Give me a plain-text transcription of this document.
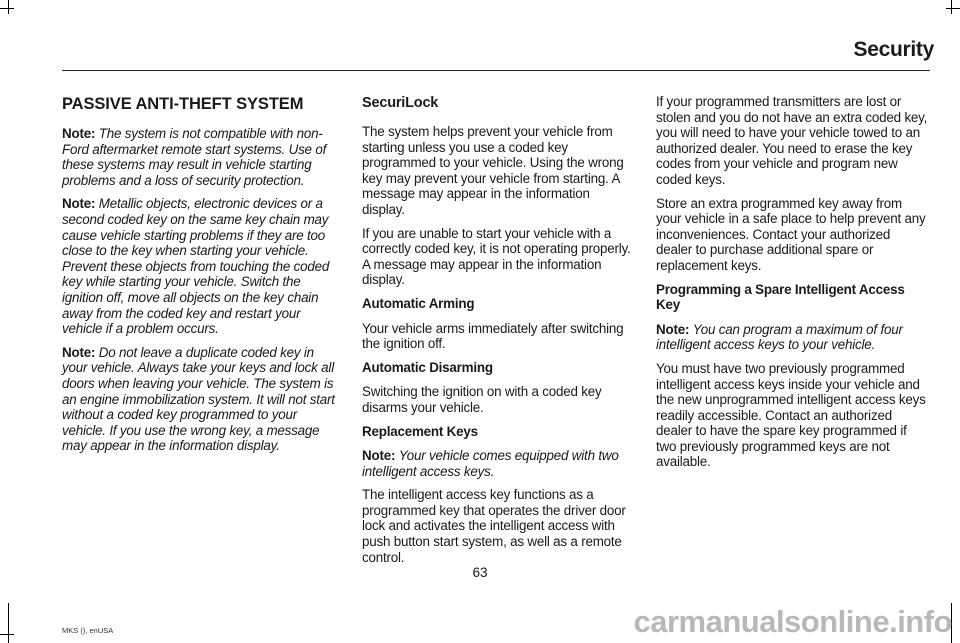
Security
PASSIVE ANTI-THEFT SYSTEM

Note: The system is not compatible with non-Ford aftermarket remote start systems. Use of these systems may result in vehicle starting problems and a loss of security protection.

Note: Metallic objects, electronic devices or a second coded key on the same key chain may cause vehicle starting problems if they are too close to the key when starting your vehicle. Prevent these objects from touching the coded key while starting your vehicle. Switch the ignition off, move all objects on the key chain away from the coded key and restart your vehicle if a problem occurs.

Note: Do not leave a duplicate coded key in your vehicle. Always take your keys and lock all doors when leaving your vehicle. The system is an engine immobilization system. It will not start without a coded key programmed to your vehicle. If you use the wrong key, a message may appear in the information display.

SecuriLock

The system helps prevent your vehicle from starting unless you use a coded key programmed to your vehicle. Using the wrong key may prevent your vehicle from starting. A message may appear in the information display.

If you are unable to start your vehicle with a correctly coded key, it is not operating properly. A message may appear in the information display.

Automatic Arming

Your vehicle arms immediately after switching the ignition off.

Automatic Disarming

Switching the ignition on with a coded key disarms your vehicle.

Replacement Keys

Note: Your vehicle comes equipped with two intelligent access keys.

The intelligent access key functions as a programmed key that operates the driver door lock and activates the intelligent access with push button start system, as well as a remote control.

If your programmed transmitters are lost or stolen and you do not have an extra coded key, you will need to have your vehicle towed to an authorized dealer. You need to erase the key codes from your vehicle and program new coded keys.

Store an extra programmed key away from your vehicle in a safe place to help prevent any inconveniences. Contact your authorized dealer to purchase additional spare or replacement keys.

Programming a Spare Intelligent Access Key

Note: You can program a maximum of four intelligent access keys to your vehicle.

You must have two previously programmed intelligent access keys inside your vehicle and the new unprogrammed intelligent access keys readily accessible. Contact an authorized dealer to have the spare key programmed if two previously programmed keys are not available.

63
MKS (), enUSA	carmanualsonline.info
